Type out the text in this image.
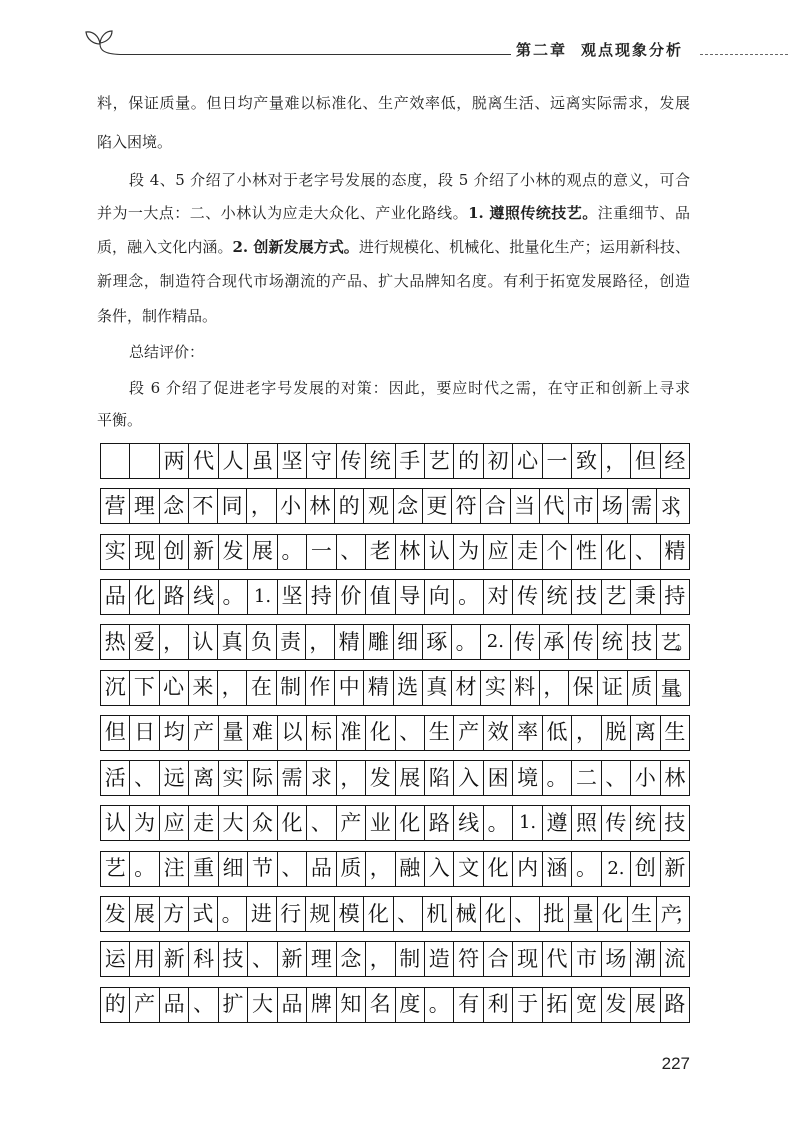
第二章 观点现象分析
料，保证质量。但日均产量难以标准化、生产效率低，脱离生活、远离实际需求，发展
陷入困境。
段 4、5 介绍了小林对于老字号发展的态度，段 5 介绍了小林的观点的意义，可合
并为一大点：二、小林认为应走大众化、产业化路线。1. 遵照传统技艺。注重细节、品
质，融入文化内涵。2. 创新发展方式。进行规模化、机械化、批量化生产；运用新科技、
新理念，制造符合现代市场潮流的产品、扩大品牌知名度。有利于拓宽发展路径，创造
条件，制作精品。
总结评价：
段 6 介绍了促进老字号发展的对策：因此，要应时代之需，在守正和创新上寻求
平衡。
两 代 人 虽 坚 守 传 统 手 艺 的 初 心 一 致 ， 但 经
营 理 念 不 同 ， 小 林 的 观 念 更 符 合 当 代 市 场 需 求，
实 现 创 新 发 展 。 一 、 老 林 认 为 应 走 个 性 化 、 精
品 化 路 线 。 1. 坚 持 价 值 导 向 。 对 传 统 技 艺 秉 持
热 爱 ， 认 真 负 责 ， 精 雕 细 琢 。 2. 传 承 传 统 技 艺。
沉 下 心 来 ， 在 制 作 中 精 选 真 材 实 料 ， 保 证 质 量。
但 日 均 产 量 难 以 标 准 化 、 生 产 效 率 低 ， 脱 离 生
活 、 远 离 实 际 需 求 ， 发 展 陷 入 困 境 。 二 、 小 林
认 为 应 走 大 众 化 、 产 业 化 路 线 。 1. 遵 照 传 统 技
艺 。 注 重 细 节 、 品 质 ， 融 入 文 化 内 涵 。 2. 创 新
发 展 方 式 。 进 行 规 模 化 、 机 械 化 、 批 量 化 生 产；
运 用 新 科 技 、 新 理 念 ， 制 造 符 合 现 代 市 场 潮 流
的 产 品 、 扩 大 品 牌 知 名 度 。 有 利 于 拓 宽 发 展 路
227
